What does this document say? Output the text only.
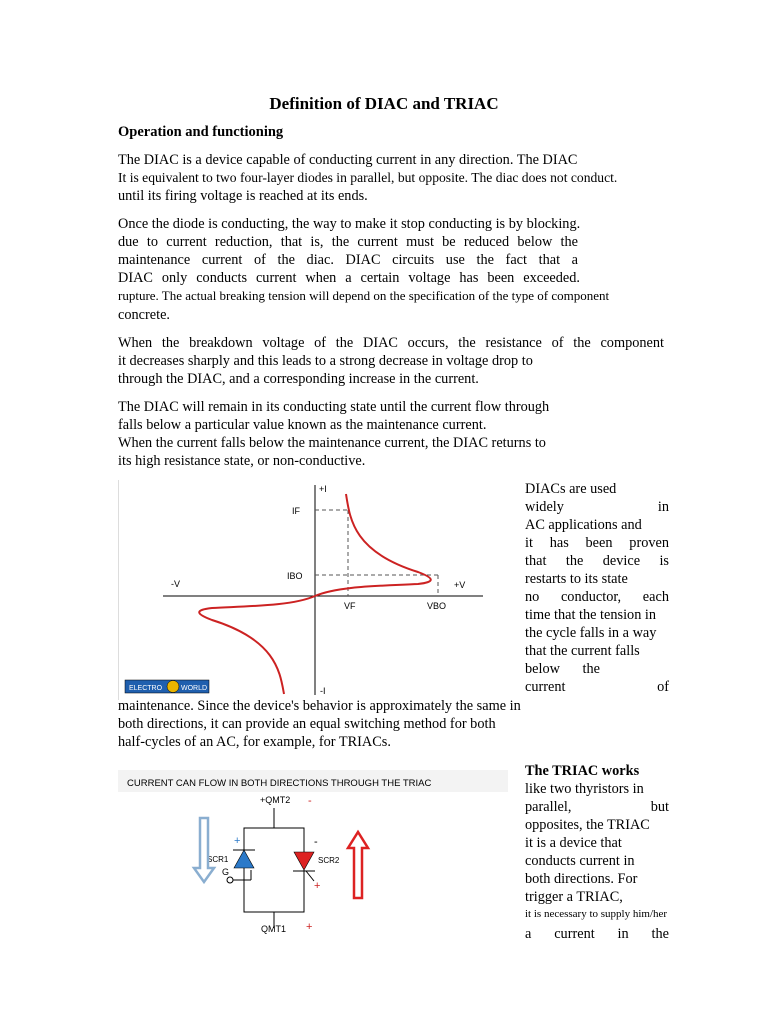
Definition of DIAC and TRIAC
Operation and functioning
The DIAC is a device capable of conducting current in any direction. The DIAC
It is equivalent to two four-layer diodes in parallel, but opposite. The diac does not conduct.
until its firing voltage is reached at its ends.
Once the diode is conducting, the way to make it stop conducting is by blocking.
due to current reduction, that is, the current must be reduced below the
maintenance current of the diac. DIAC circuits use the fact that a
DIAC only conducts current when a certain voltage has been exceeded.
rupture. The actual breaking tension will depend on the specification of the type of component
concrete.
When the breakdown voltage of the DIAC occurs, the resistance of the component
it decreases sharply and this leads to a strong decrease in voltage drop to
through the DIAC, and a corresponding increase in the current.
The DIAC will remain in its conducting state until the current flow through
falls below a particular value known as the maintenance current.
When the current falls below the maintenance current, the DIAC returns to
its high resistance state, or non-conductive.
+I
-I
-V	+V
IF
IBO
VF	VBO
ELECTRO	WORLD
DIACs are used
widely in
AC applications and
it has been proven
that the device is
restarts to its state
no conductor, each
time that the tension in
the cycle falls in a way
that the current falls
below the
current of
maintenance. Since the device's behavior is approximately the same in
both directions, it can provide an equal switching method for both
half-cycles of an AC, for example, for TRIACs.
CURRENT CAN FLOW IN BOTH DIRECTIONS THROUGH THE TRIAC
+QMT2 -
SCR1	SCR2
G
+	-
+
QMT1 +
The TRIAC works
like two thyristors in
parallel, but
opposites, the TRIAC
it is a device that
conducts current in
both directions. For
trigger a TRIAC,
it is necessary to supply him/her
a current in the
